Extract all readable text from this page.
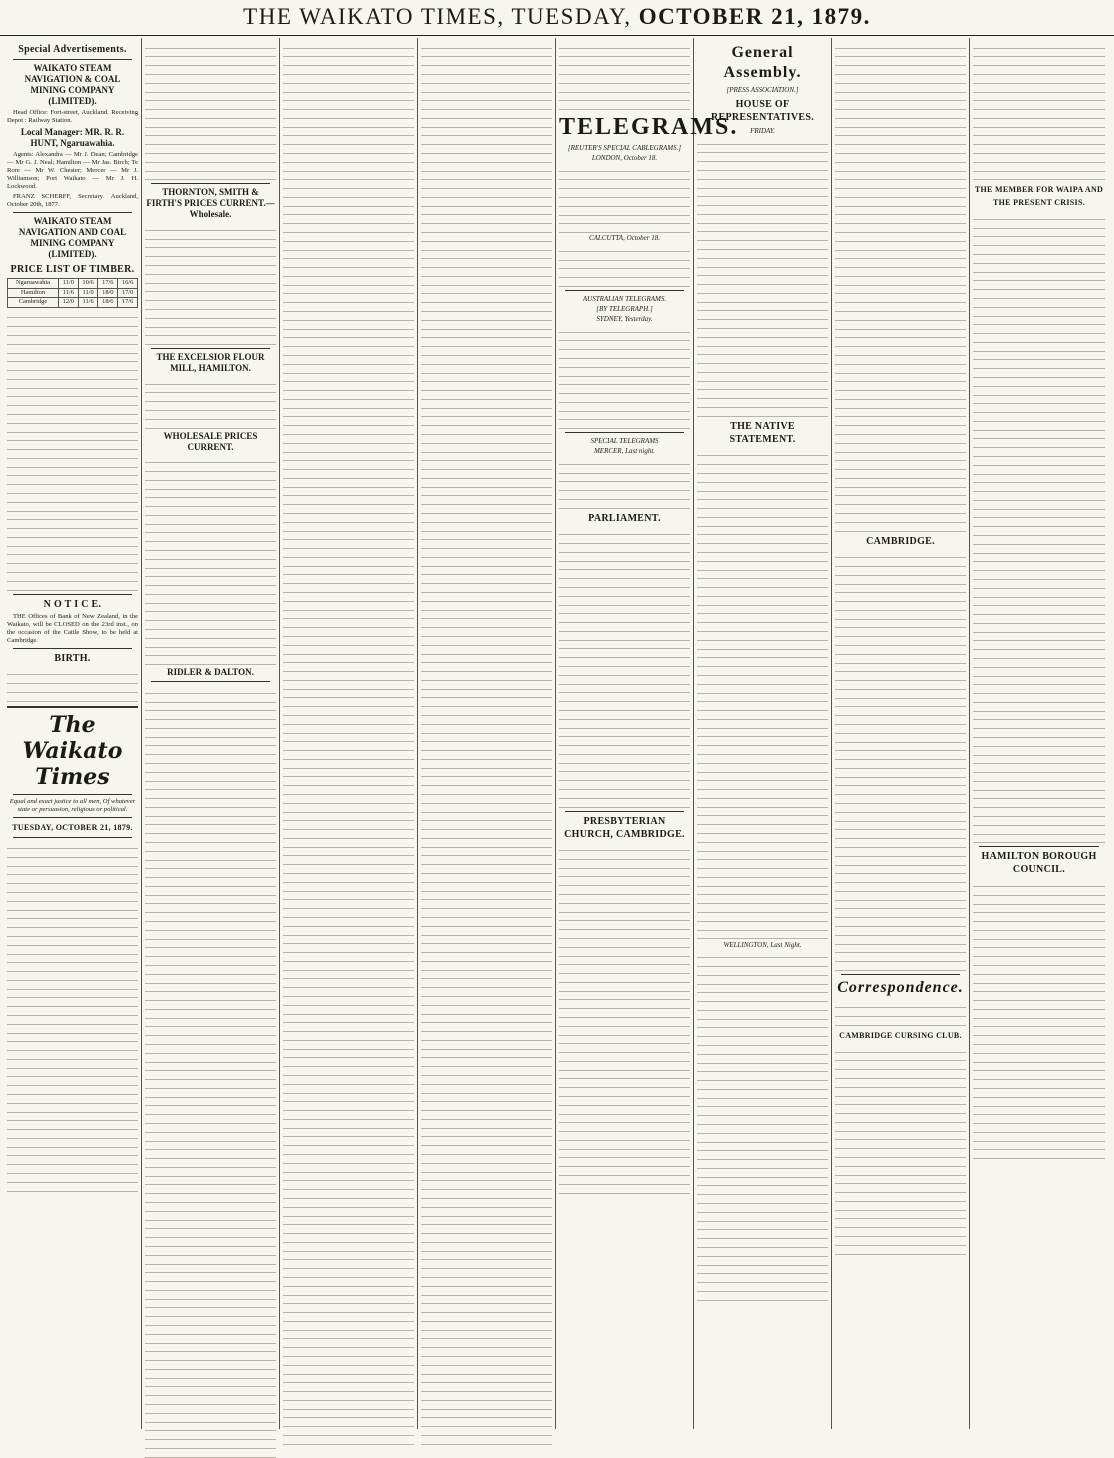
THE WAIKATO TIMES, TUESDAY, OCTOBER 21, 1879.
Special Advertisements.
WAIKATO STEAM NAVIGATION & COAL MINING COMPANY (LIMITED).

Head Office: Fort-street, Auckland. Receiving Depot : Railway Station.

Local Manager: MR. R. R. HUNT, Ngaruawahia.

Agents: Alexandra — Mr J. Dean; Cambridge — Mr G. J. Neal; Hamilton — Mr Jas. Birch; Te Rore — Mr W. Chester; Mercer — Mr J. Williamson; Port Waikato — Mr J. H. Lockwood.

FRANZ SCHERFF, Secretary. Auckland, October 20th, 1877.

WAIKATO STEAM NAVIGATION AND COAL MINING COMPANY (LIMITED).
PRICE LIST OF TIMBER.
Ngaruawahia	11/0	10/6	17/6	16/6
Hamilton	11/6	11/0	18/0	17/0
Cambridge	12/0	11/6	18/6	17/6
N O T I C E.

THE Offices of Bank of New Zealand, in the Waikato, will be CLOSED on the 23rd inst., on the occasion of the Cattle Show, to be held at Cambridge.

BIRTH.
The Waikato Times

Equal and exact justice to all men, Of whatever state or persuasion, religious or political.

TUESDAY, OCTOBER 21, 1879.
THORNTON, SMITH & FIRTH'S PRICES CURRENT.—Wholesale.
THE EXCELSIOR FLOUR MILL, HAMILTON.
WHOLESALE PRICES CURRENT.
RIDLER & DALTON.
TELEGRAMS.
[REUTER'S SPECIAL CABLEGRAMS.]
LONDON, October 18.
CALCUTTA, October 18.
AUSTRALIAN TELEGRAMS.
[BY TELEGRAPH.]
SYDNEY, Yesterday.
SPECIAL TELEGRAMS
MERCER, Last night.
PARLIAMENT.
PRESBYTERIAN CHURCH, CAMBRIDGE.
General Assembly.
[PRESS ASSOCIATION.]
HOUSE OF REPRESENTATIVES.
FRIDAY.
THE NATIVE STATEMENT.
WELLINGTON, Last Night.
CAMBRIDGE.
Correspondence.
CAMBRIDGE CURSING CLUB.
THE MEMBER FOR WAIPA AND THE PRESENT CRISIS.
HAMILTON BOROUGH COUNCIL.
